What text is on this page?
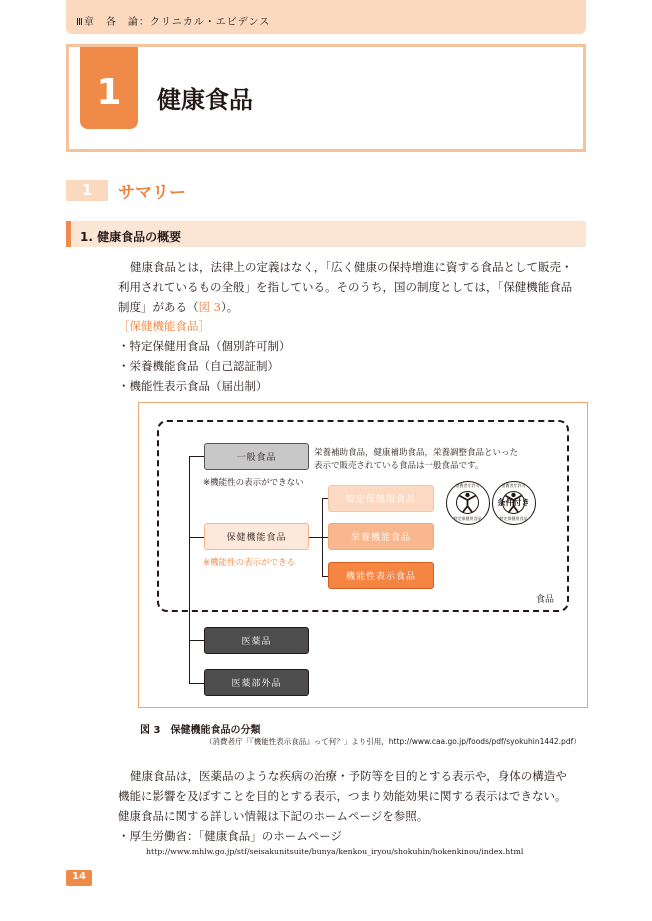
Ⅲ章　各　論：クリニカル・エビデンス
1	健康食品
1	サマリー
1. 健康食品の概要
健康食品とは，法律上の定義はなく，「広く健康の保持増進に資する食品として販売・
利用されているもの全般」を指している。そのうち，国の制度としては，「保健機能食品
制度」がある（図 3）。
［保健機能食品］
・特定保健用食品（個別許可制）
・栄養機能食品（自己認証制）
・機能性表示食品（届出制）
一般食品	栄養補助食品，健康補助食品，栄養調整食品といった
表示で販売されている食品は一般食品です。
※機能性の表示ができない
保健機能食品
※機能性の表示ができる
特定保健用食品
栄養機能食品
機能性表示食品
消費者庁許可
特定保健用食品
消費者庁許可
条件付き
特定保健用食品
食品
医薬品
医薬部外品
図 3　保健機能食品の分類
（消費者庁「『機能性表示食品』って何？」より引用，http://www.caa.go.jp/foods/pdf/syokuhin1442.pdf）
健康食品は，医薬品のような疾病の治療・予防等を目的とする表示や，身体の構造や
機能に影響を及ぼすことを目的とする表示，つまり効能効果に関する表示はできない。
健康食品に関する詳しい情報は下記のホームページを参照。
・厚生労働省：「健康食品」のホームページ
http://www.mhlw.go.jp/stf/seisakunitsuite/bunya/kenkou_iryou/shokuhin/hokenkinou/index.html
14
